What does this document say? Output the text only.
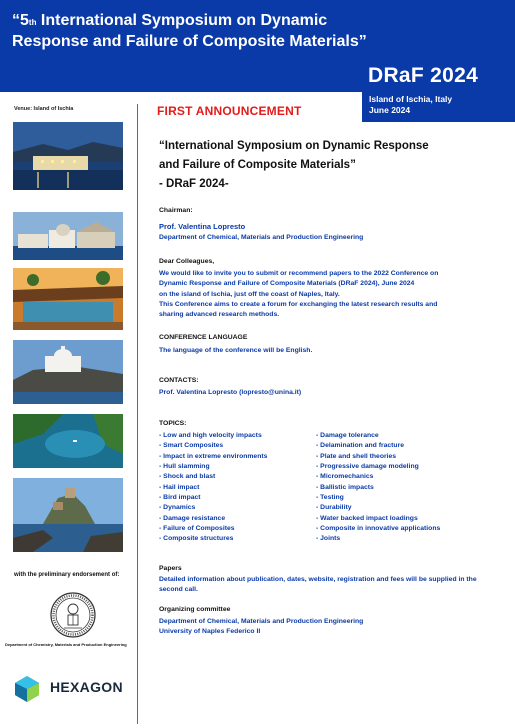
“5th International Symposium on Dynamic
Response and Failure of Composite Materials”
DRaF 2024
Island of Ischia, Italy
June 2024
Venue: Island of Ischia
with the preliminary endorsement of:
Department of Chemistry, Materials and Production Engineering
HEXAGON
FIRST ANNOUNCEMENT
“International Symposium on Dynamic Response
and Failure of Composite Materials”
- DRaF 2024-
Chairman:
Prof. Valentina Lopresto
Department of Chemical, Materials and Production Engineering
Dear Colleagues,
We would like to invite you to submit or recommend papers to the 2022 Conference on
Dynamic Response and Failure of Composite Materials (DRaF 2024), June 2024
on the island of Ischia, just off the coast of Naples, Italy.
This Conference aims to create a forum for exchanging the latest research results and
sharing advanced research methods.
CONFERENCE LANGUAGE
The language of the conference will be English.
CONTACTS:
Prof. Valentina Lopresto (lopresto@unina.it)
TOPICS:
- Low and high velocity impacts
- Smart Composites
- Impact in extreme environments
- Hull slamming
- Shock and blast
- Hail impact
- Bird impact
- Dynamics
- Damage resistance
- Failure of Composites
- Composite structures
- Damage tolerance
- Delamination and fracture
- Plate and shell theories
- Progressive damage modeling
- Micromechanics
- Ballistic impacts
- Testing
- Durability
- Water backed impact loadings
- Composite in innovative applications
- Joints
Papers
Detailed information about publication, dates, website, registration and fees will be supplied in the
second call.
Organizing committee
Department of Chemical, Materials and Production Engineering
University of Naples Federico II
